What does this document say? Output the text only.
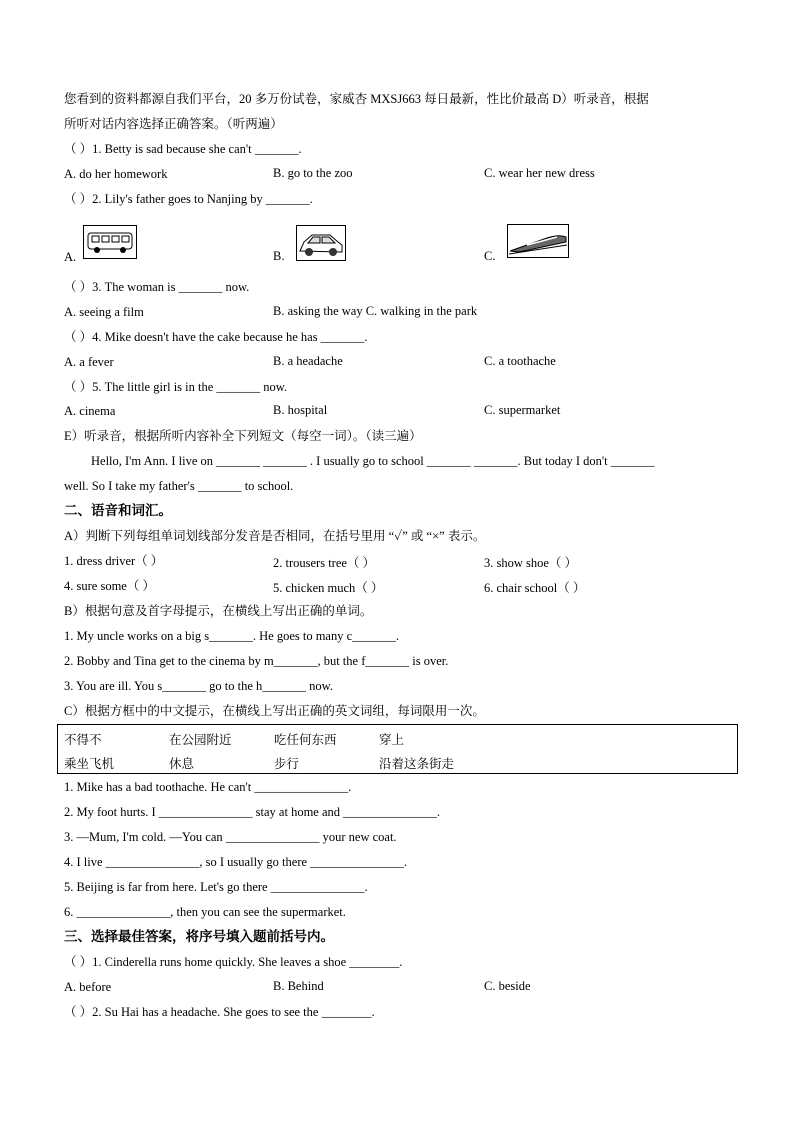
您看到的资料都源自我们平台，20 多万份试卷，家威杏 MXSJ663 每日最新，性比价最高 D）听录音，根据
所听对话内容选择正确答案。（听两遍）
（ ）1. Betty is sad because she can't _______.
A. do her homework	B. go to the zoo	C. wear her new dress
（ ）2. Lily's father goes to Nanjing by _______.
A.	B.	C.
（ ）3. The woman is _______ now.
A. seeing a film	B. asking the way C. walking in the park
（ ）4. Mike doesn't have the cake because he has _______.
A. a fever	B. a headache	C. a toothache
（ ）5. The little girl is in the _______ now.
A. cinema	B. hospital	C. supermarket
E）听录音，根据所听内容补全下列短文（每空一词）。（读三遍）
Hello, I'm Ann. I live on _______ _______ . I usually go to school _______ _______. But today I don't _______
well. So I take my father's _______ to school.
二、语音和词汇。
A）判断下列每组单词划线部分发音是否相同，在括号里用 “✓” 或 “×” 表示。
1. dress driver（ ）	2. trousers tree（ ）	3. show shoe（ ）
4. sure some（ ）	5. chicken much（ ）	6. chair school（ ）
B）根据句意及首字母提示，在横线上写出正确的单词。
1. My uncle works on a big s_______. He goes to many c_______.
2. Bobby and Tina get to the cinema by m_______, but the f_______ is over.
3. You are ill. You s_______ go to the h_______ now.
C）根据方框中的中文提示，在横线上写出正确的英文词组，每词限用一次。
不得不	在公园附近	吃任何东西	穿上
乘坐飞机	休息	步行	沿着这条街走
1. Mike has a bad toothache. He can't _______________.
2. My foot hurts. I _______________ stay at home and _______________.
3. —Mum, I'm cold. —You can _______________ your new coat.
4. I live _______________, so I usually go there _______________.
5. Beijing is far from here. Let's go there _______________.
6. _______________, then you can see the supermarket.
三、选择最佳答案，将序号填入题前括号内。
（ ）1. Cinderella runs home quickly. She leaves a shoe ________.
A. before	B. Behind	C. beside
（ ）2. Su Hai has a headache. She goes to see the ________.
